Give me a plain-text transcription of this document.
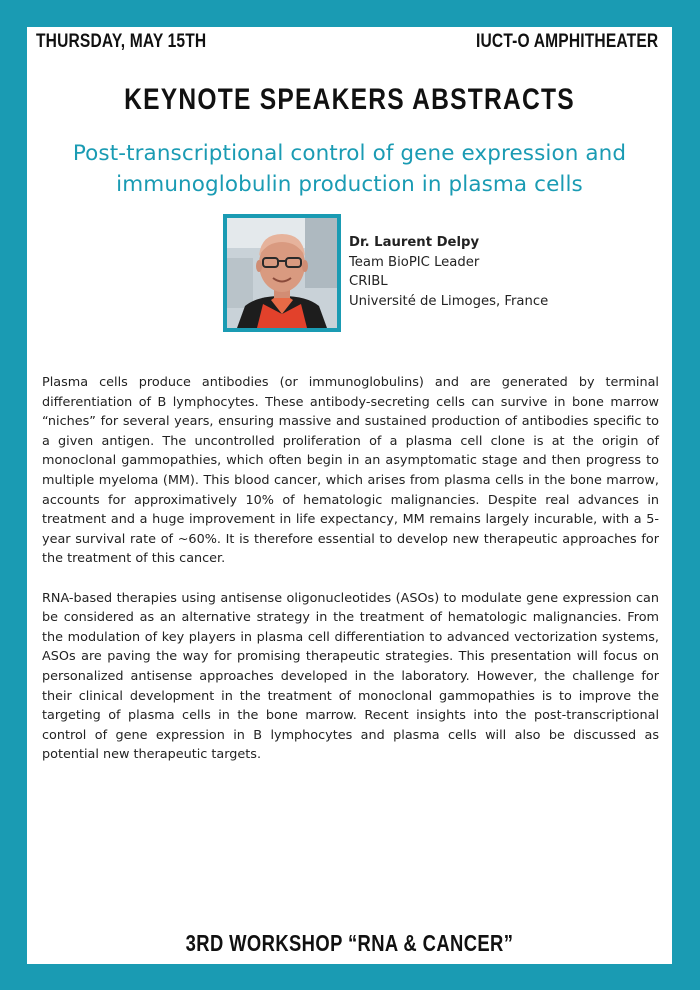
THURSDAY, MAY 15TH	IUCT-O AMPHITHEATER
KEYNOTE SPEAKERS ABSTRACTS
Post-transcriptional control of gene expression and immunoglobulin production in plasma cells
Dr. Laurent Delpy
Team BioPIC Leader
CRIBL
Université de Limoges, France

Plasma cells produce antibodies (or immunoglobulins) and are generated by terminal differentiation of B lymphocytes. These antibody-secreting cells can survive in bone marrow “niches” for several years, ensuring massive and sustained production of antibodies specific to a given antigen. The uncontrolled proliferation of a plasma cell clone is at the origin of monoclonal gammopathies, which often begin in an asymptomatic stage and then progress to multiple myeloma (MM). This blood cancer, which arises from plasma cells in the bone marrow, accounts for approximatively 10% of hematologic malignancies. Despite real advances in treatment and a huge improvement in life expectancy, MM remains largely incurable, with a 5-year survival rate of ~60%. It is therefore essential to develop new therapeutic approaches for the treatment of this cancer.

RNA-based therapies using antisense oligonucleotides (ASOs) to modulate gene expression can be considered as an alternative strategy in the treatment of hematologic malignancies. From the modulation of key players in plasma cell differentiation to advanced vectorization systems, ASOs are paving the way for promising therapeutic strategies. This presentation will focus on personalized antisense approaches developed in the laboratory. However, the challenge for their clinical development in the treatment of monoclonal gammopathies is to improve the targeting of plasma cells in the bone marrow. Recent insights into the post-transcriptional control of gene expression in B lymphocytes and plasma cells will also be discussed as potential new therapeutic targets.

3RD WORKSHOP “RNA & CANCER”
